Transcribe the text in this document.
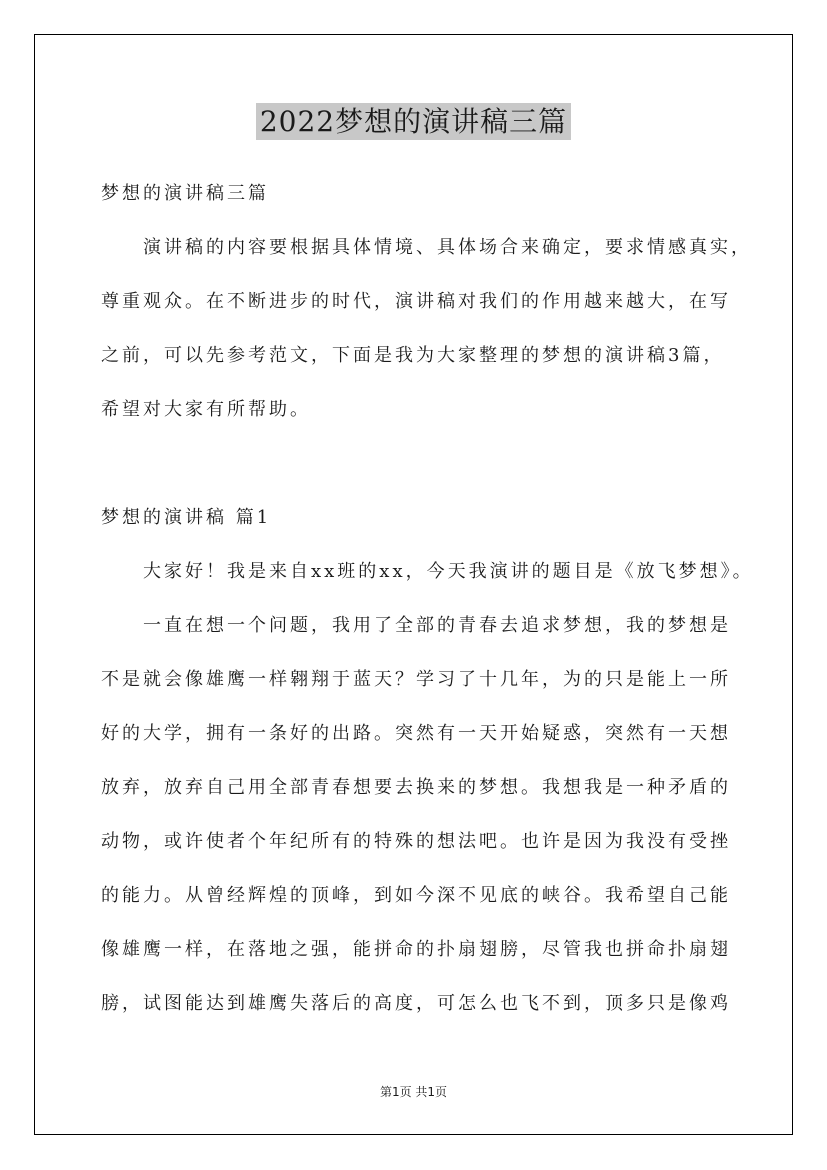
2022梦想的演讲稿三篇
梦想的演讲稿三篇
演讲稿的内容要根据具体情境、具体场合来确定，要求情感真实，
尊重观众。在不断进步的时代，演讲稿对我们的作用越来越大，在写
之前，可以先参考范文，下面是我为大家整理的梦想的演讲稿3篇，
希望对大家有所帮助。
梦想的演讲稿 篇1
大家好！我是来自xx班的xx，今天我演讲的题目是《放飞梦想》。
一直在想一个问题，我用了全部的青春去追求梦想，我的梦想是
不是就会像雄鹰一样翱翔于蓝天？学习了十几年，为的只是能上一所
好的大学，拥有一条好的出路。突然有一天开始疑惑，突然有一天想
放弃，放弃自己用全部青春想要去换来的梦想。我想我是一种矛盾的
动物，或许使者个年纪所有的特殊的想法吧。也许是因为我没有受挫
的能力。从曾经辉煌的顶峰，到如今深不见底的峡谷。我希望自己能
像雄鹰一样，在落地之强，能拼命的扑扇翅膀，尽管我也拼命扑扇翅
膀，试图能达到雄鹰失落后的高度，可怎么也飞不到，顶多只是像鸡
第1页 共1页
